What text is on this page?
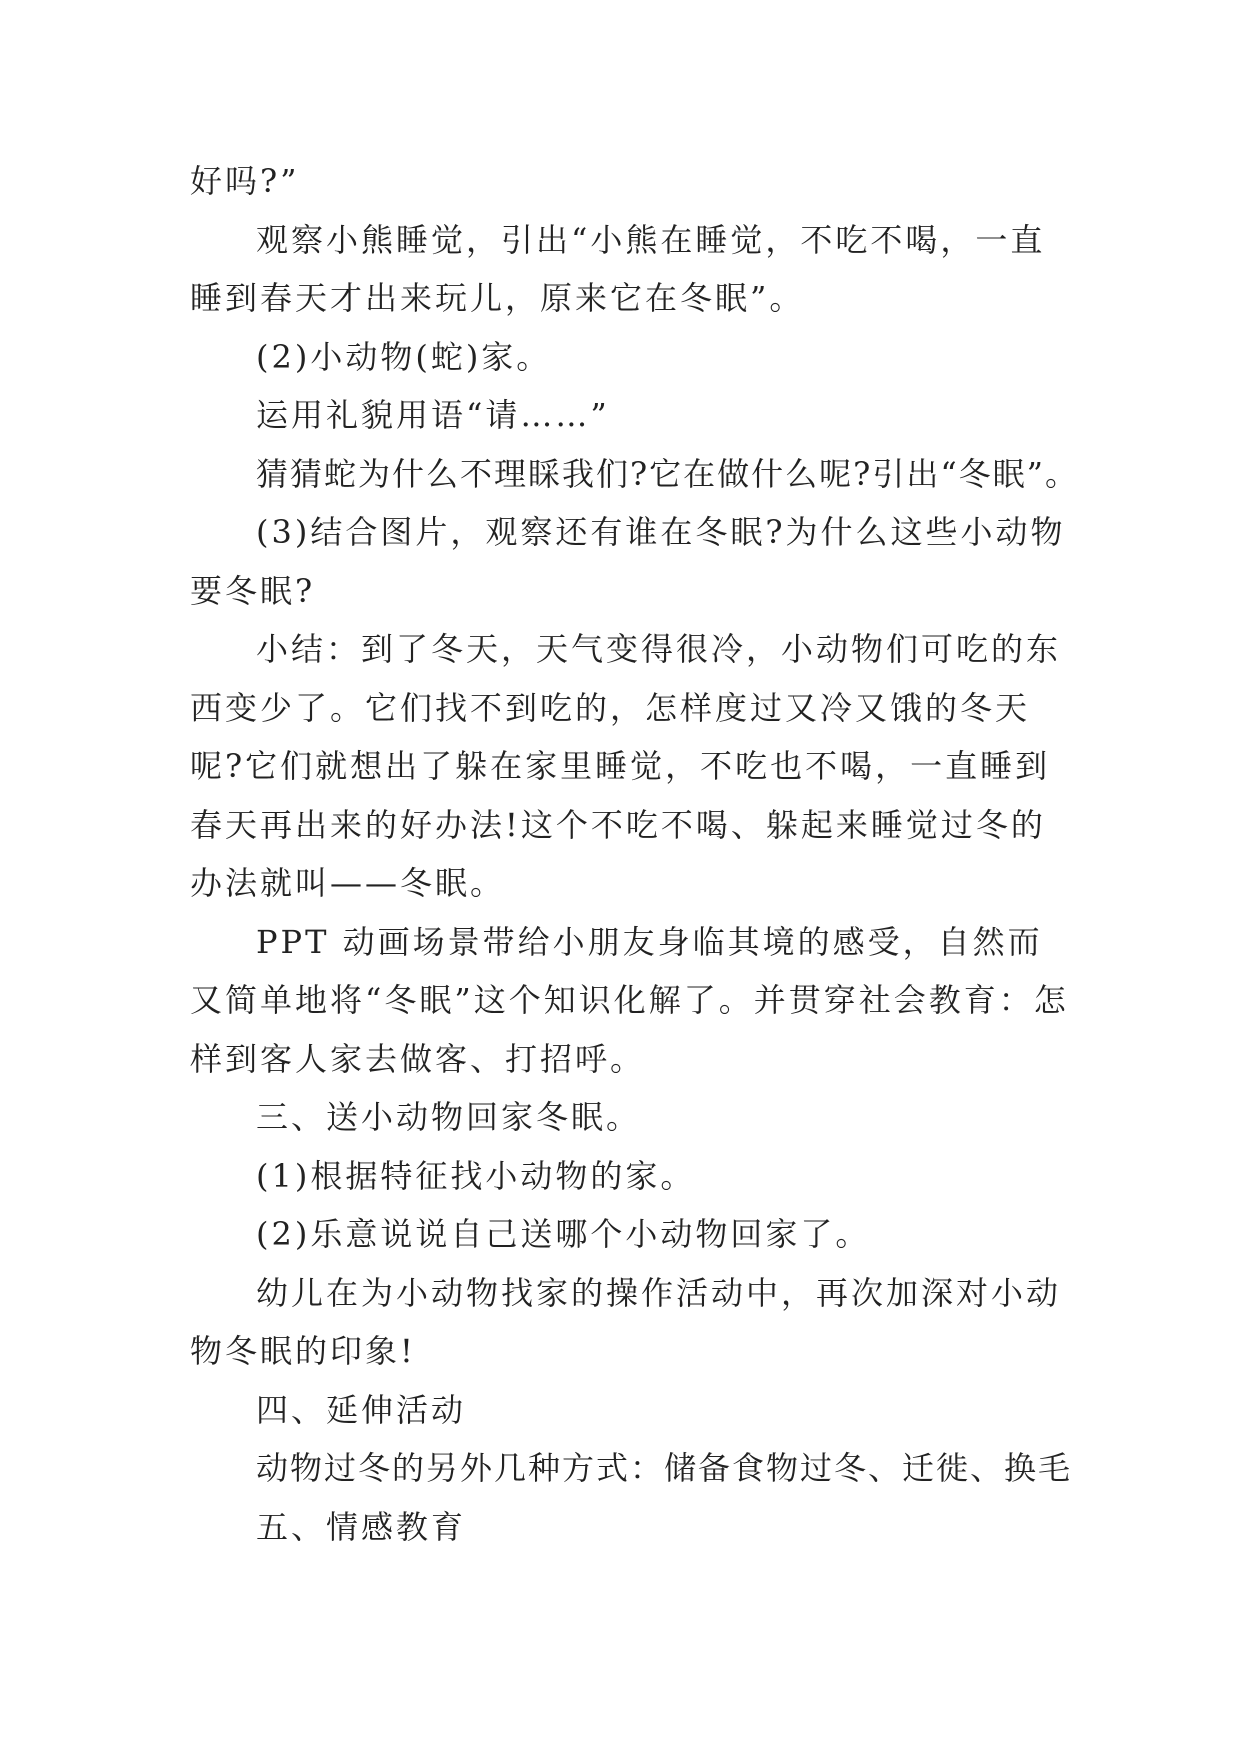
好吗?”

观察小熊睡觉，引出“小熊在睡觉，不吃不喝，一直睡到春天才出来玩儿，原来它在冬眠”。

(2)小动物(蛇)家。

运用礼貌用语“请……”

猜猜蛇为什么不理睬我们?它在做什么呢?引出“冬眠”。

(3)结合图片，观察还有谁在冬眠?为什么这些小动物要冬眠?

小结：到了冬天，天气变得很冷，小动物们可吃的东西变少了。它们找不到吃的，怎样度过又冷又饿的冬天呢?它们就想出了躲在家里睡觉，不吃也不喝，一直睡到春天再出来的好办法!这个不吃不喝、躲起来睡觉过冬的办法就叫——冬眠。

PPT 动画场景带给小朋友身临其境的感受，自然而又简单地将“冬眠”这个知识化解了。并贯穿社会教育：怎样到客人家去做客、打招呼。

三、送小动物回家冬眠。

(1)根据特征找小动物的家。

(2)乐意说说自己送哪个小动物回家了。

幼儿在为小动物找家的操作活动中，再次加深对小动物冬眠的印象!

四、延伸活动

动物过冬的另外几种方式：储备食物过冬、迁徙、换毛

五、情感教育
